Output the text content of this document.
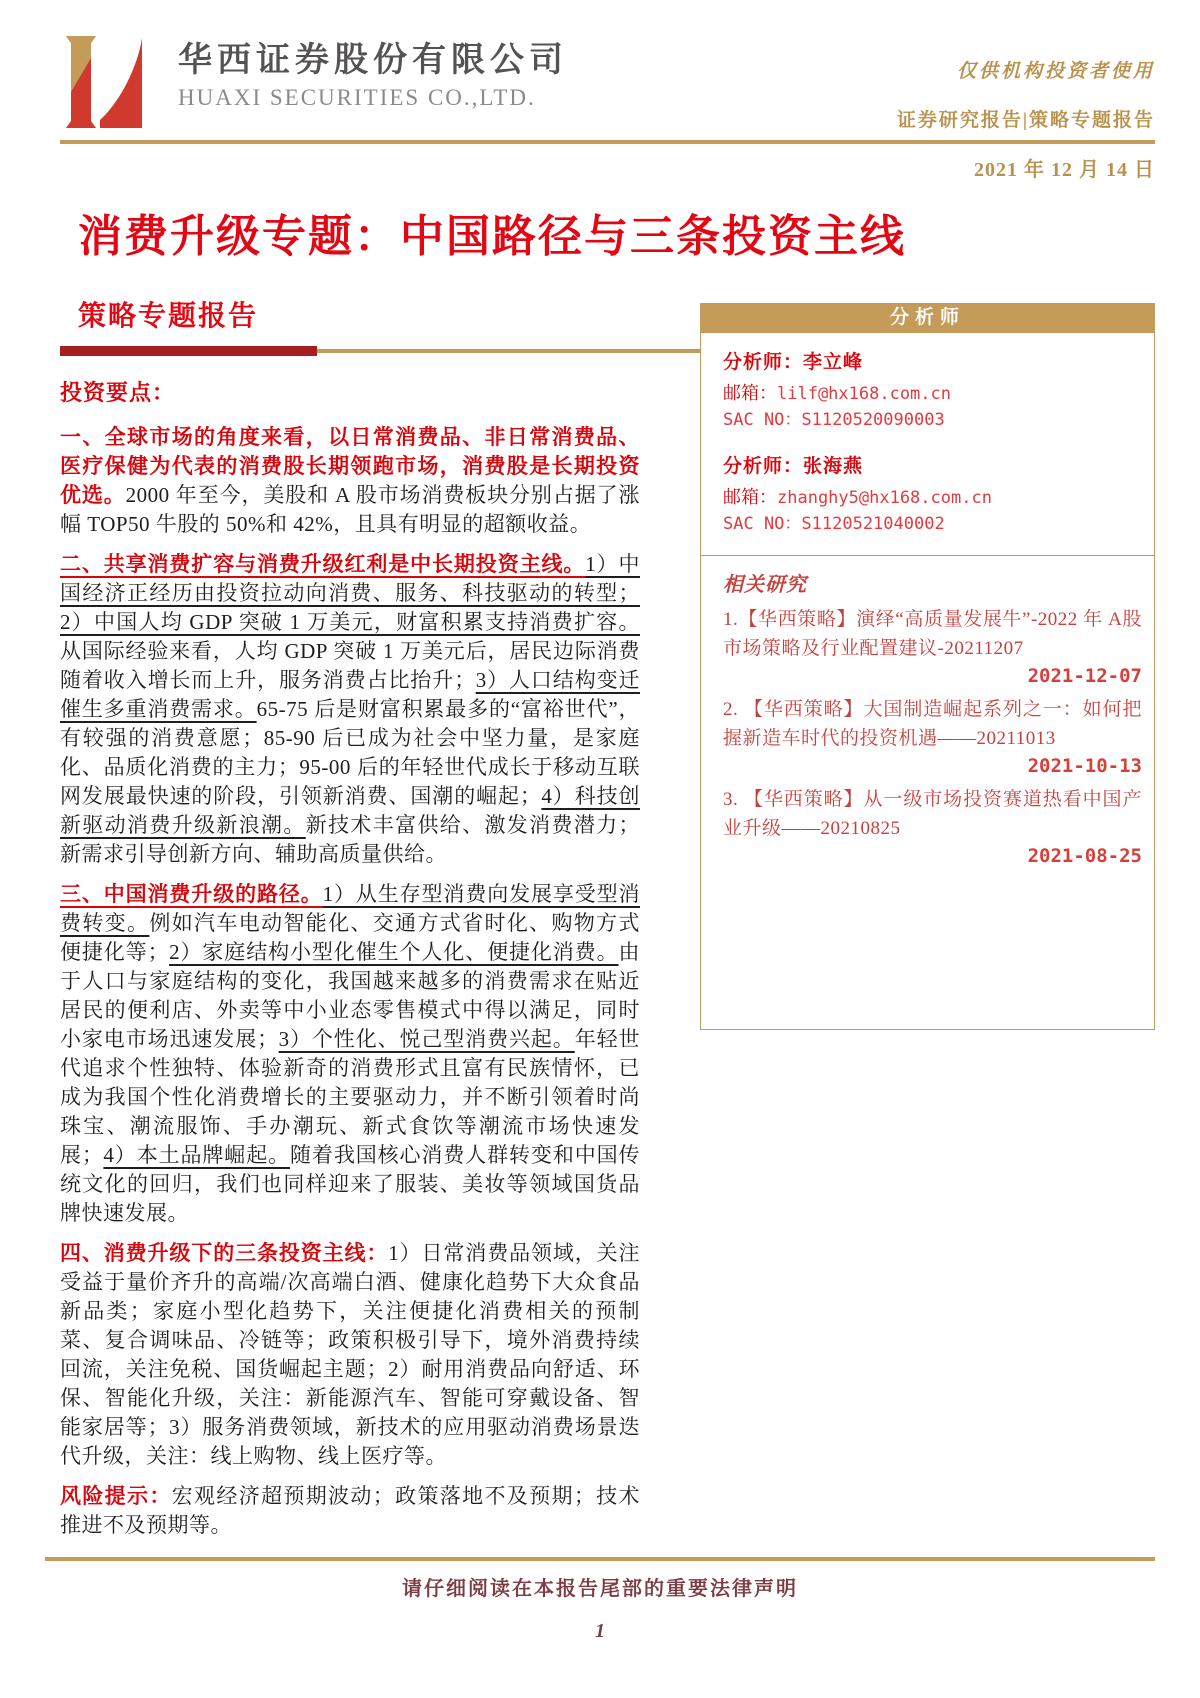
华西证券股份有限公司
HUAXI SECURITIES CO.,LTD.
仅供机构投资者使用
证券研究报告|策略专题报告
2021 年 12 月 14 日
消费升级专题：中国路径与三条投资主线
策略专题报告
投资要点：

一、全球市场的角度来看，以日常消费品、非日常消费品、医疗保健为代表的消费股长期领跑市场，消费股是长期投资优选。2000 年至今，美股和 A 股市场消费板块分别占据了涨幅 TOP50 牛股的 50%和 42%，且具有明显的超额收益。

二、共享消费扩容与消费升级红利是中长期投资主线。1）中国经济正经历由投资拉动向消费、服务、科技驱动的转型；2）中国人均 GDP 突破 1 万美元，财富积累支持消费扩容。从国际经验来看，人均 GDP 突破 1 万美元后，居民边际消费随着收入增长而上升，服务消费占比抬升；3）人口结构变迁催生多重消费需求。65-75 后是财富积累最多的“富裕世代”，有较强的消费意愿；85-90 后已成为社会中坚力量，是家庭化、品质化消费的主力；95-00 后的年轻世代成长于移动互联网发展最快速的阶段，引领新消费、国潮的崛起；4）科技创新驱动消费升级新浪潮。新技术丰富供给、激发消费潜力；新需求引导创新方向、辅助高质量供给。

三、中国消费升级的路径。1）从生存型消费向发展享受型消费转变。例如汽车电动智能化、交通方式省时化、购物方式便捷化等；2）家庭结构小型化催生个人化、便捷化消费。由于人口与家庭结构的变化，我国越来越多的消费需求在贴近居民的便利店、外卖等中小业态零售模式中得以满足，同时小家电市场迅速发展；3）个性化、悦己型消费兴起。年轻世代追求个性独特、体验新奇的消费形式且富有民族情怀，已成为我国个性化消费增长的主要驱动力，并不断引领着时尚珠宝、潮流服饰、手办潮玩、新式食饮等潮流市场快速发展；4）本土品牌崛起。随着我国核心消费人群转变和中国传统文化的回归，我们也同样迎来了服装、美妆等领域国货品牌快速发展。

四、消费升级下的三条投资主线：1）日常消费品领域，关注受益于量价齐升的高端/次高端白酒、健康化趋势下大众食品新品类；家庭小型化趋势下，关注便捷化消费相关的预制菜、复合调味品、冷链等；政策积极引导下，境外消费持续回流，关注免税、国货崛起主题；2）耐用消费品向舒适、环保、智能化升级，关注：新能源汽车、智能可穿戴设备、智能家居等；3）服务消费领域，新技术的应用驱动消费场景迭代升级，关注：线上购物、线上医疗等。

风险提示：宏观经济超预期波动；政策落地不及预期；技术推进不及预期等。

分析师
分析师：李立峰
邮箱：lilf@hx168.com.cn
SAC NO：S1120520090003
分析师：张海燕
邮箱：zhanghy5@hx168.com.cn
SAC NO：S1120521040002
相关研究
1.【华西策略】演绎“高质量发展牛”-2022 年 A股市场策略及行业配置建议-20211207
2021-12-07
2. 【华西策略】大国制造崛起系列之一：如何把握新造车时代的投资机遇——20211013
2021-10-13
3. 【华西策略】从一级市场投资赛道热看中国产业升级——20210825
2021-08-25
请仔细阅读在本报告尾部的重要法律声明
1
